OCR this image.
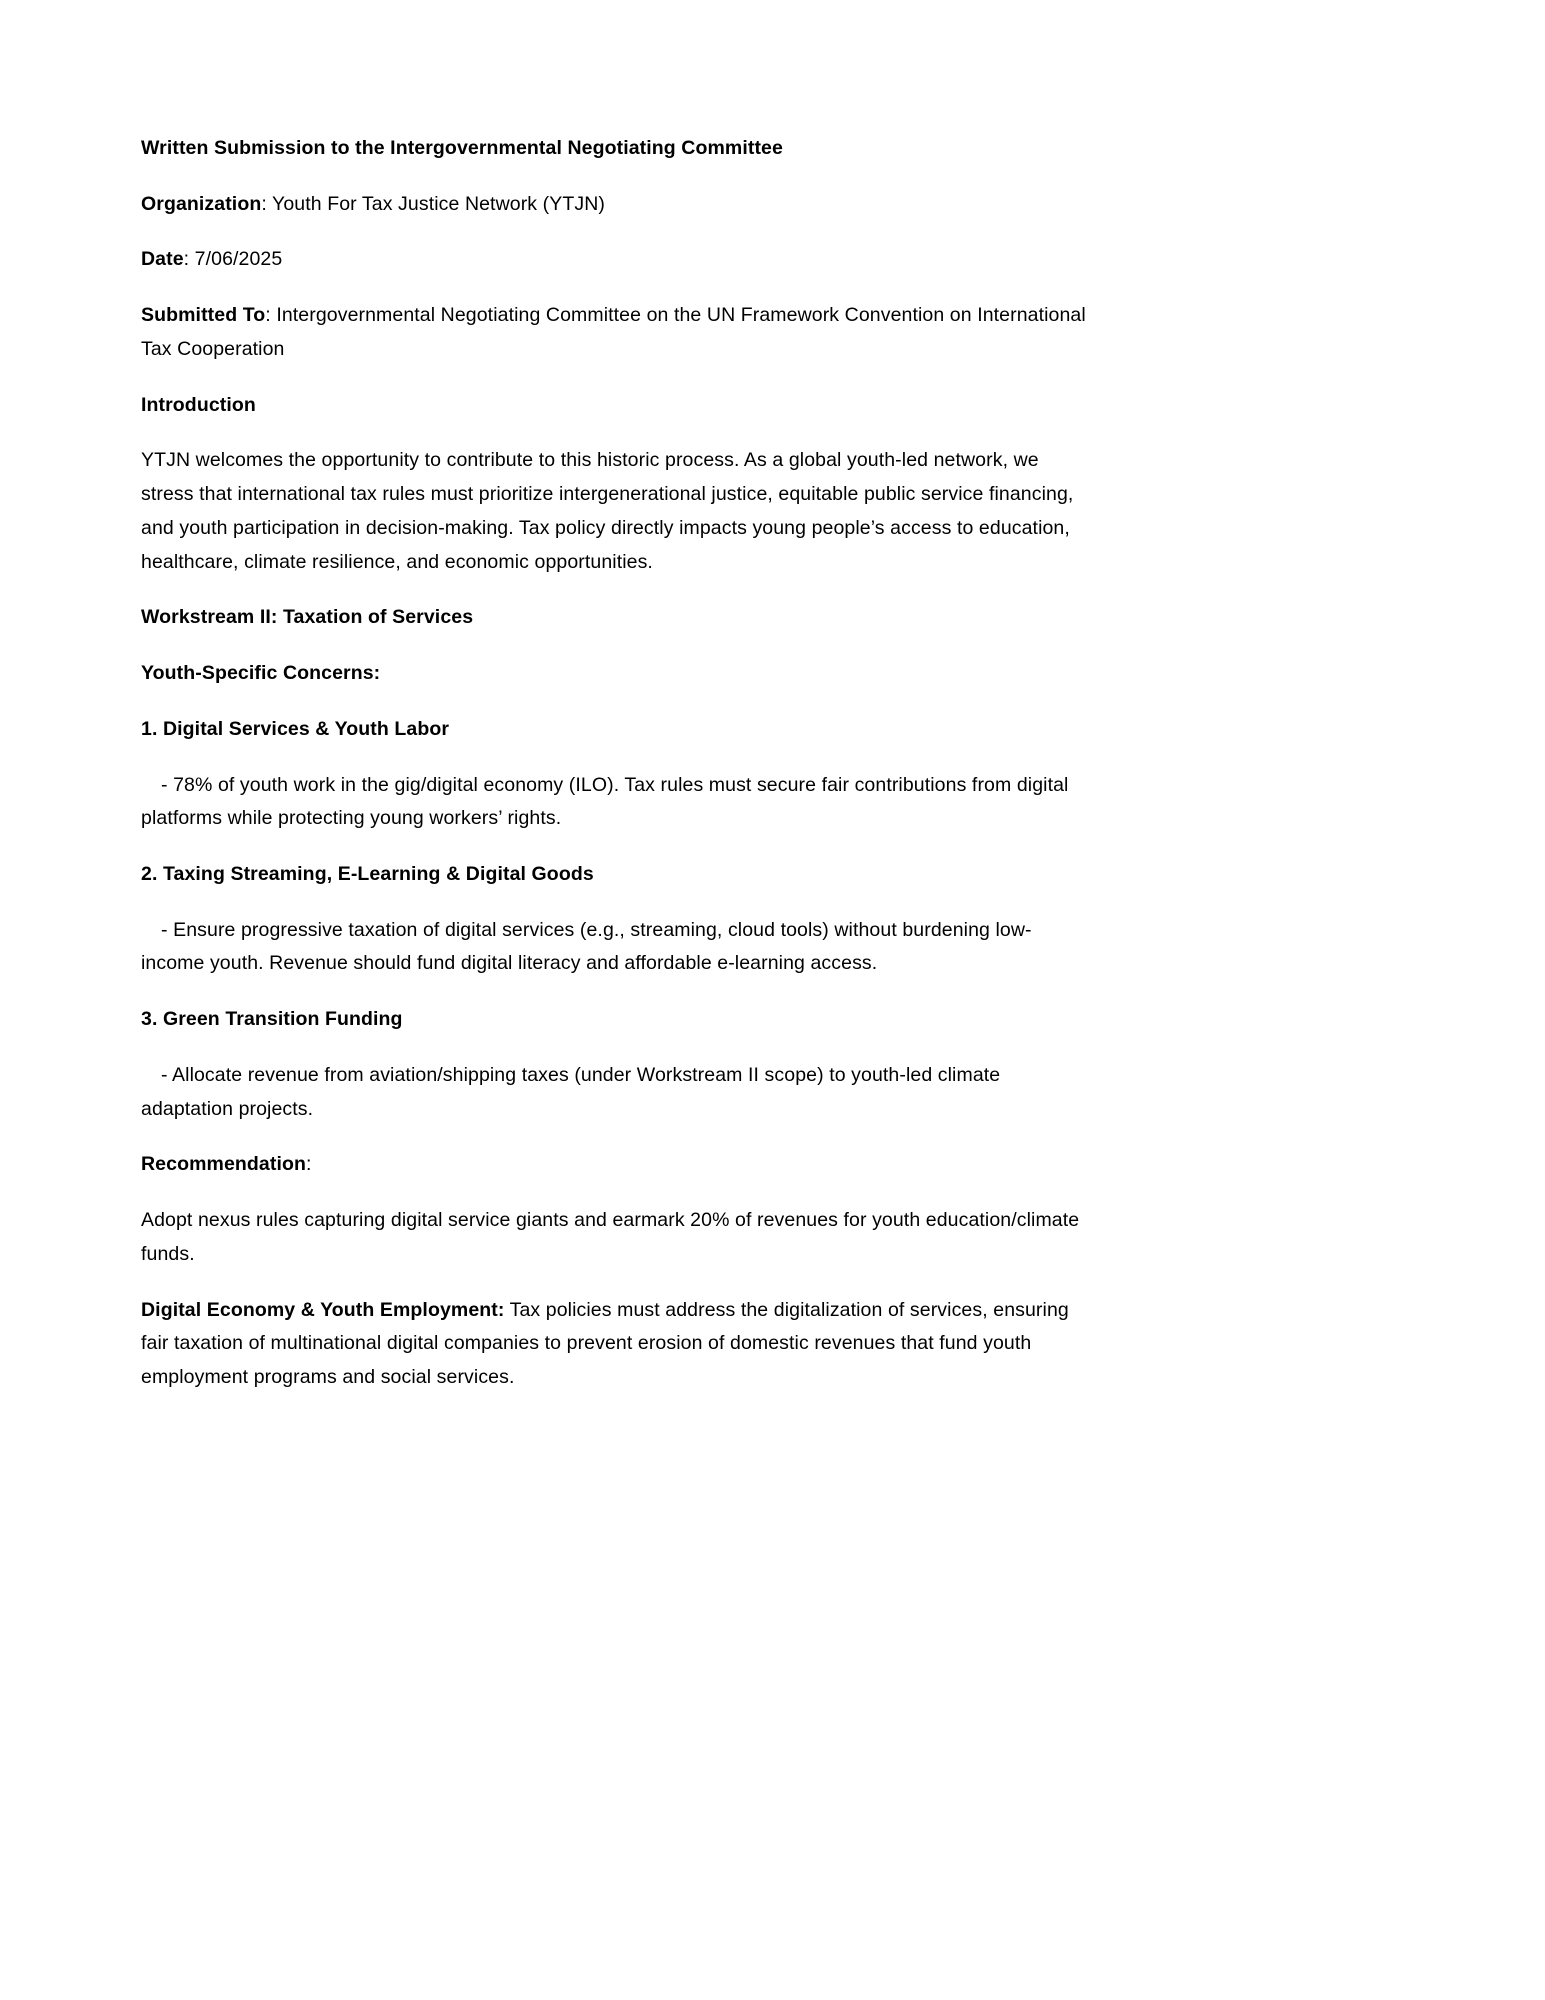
Written Submission to the Intergovernmental Negotiating Committee

Organization: Youth For Tax Justice Network (YTJN)

Date: 7/06/2025

Submitted To: Intergovernmental Negotiating Committee on the UN Framework Convention on International Tax Cooperation

Introduction

YTJN welcomes the opportunity to contribute to this historic process. As a global youth-led network, we stress that international tax rules must prioritize intergenerational justice, equitable public service financing, and youth participation in decision-making. Tax policy directly impacts young people’s access to education, healthcare, climate resilience, and economic opportunities.

Workstream II: Taxation of Services

Youth-Specific Concerns:

1. Digital Services & Youth Labor

- 78% of youth work in the gig/digital economy (ILO). Tax rules must secure fair contributions from digital platforms while protecting young workers’ rights.

2. Taxing Streaming, E-Learning & Digital Goods

- Ensure progressive taxation of digital services (e.g., streaming, cloud tools) without burdening low-income youth. Revenue should fund digital literacy and affordable e-learning access.

3. Green Transition Funding

- Allocate revenue from aviation/shipping taxes (under Workstream II scope) to youth-led climate adaptation projects.

Recommendation:

Adopt nexus rules capturing digital service giants and earmark 20% of revenues for youth education/climate funds.

Digital Economy & Youth Employment: Tax policies must address the digitalization of services, ensuring fair taxation of multinational digital companies to prevent erosion of domestic revenues that fund youth employment programs and social services.
